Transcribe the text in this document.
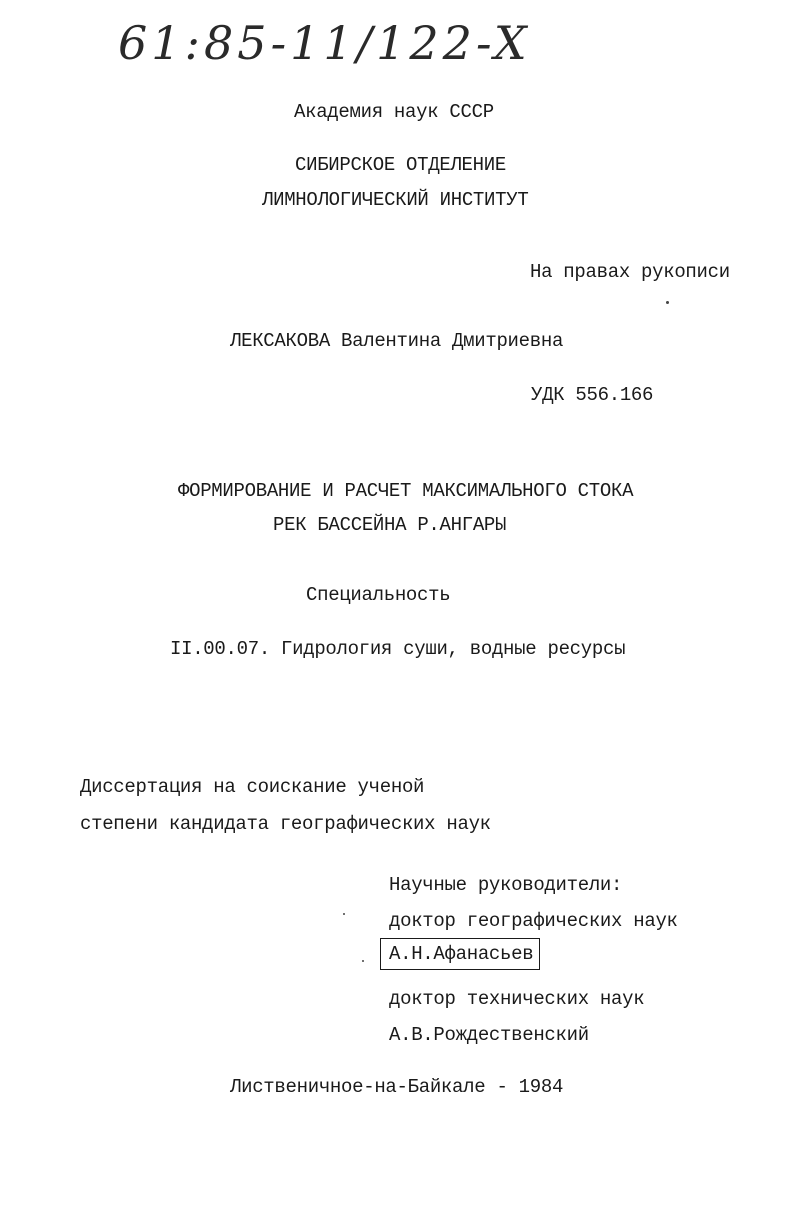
61:85-11/122-X
Академия наук СССР
СИБИРСКОЕ ОТДЕЛЕНИЕ
ЛИМНОЛОГИЧЕСКИЙ ИНСТИТУТ
На правах рукописи
ЛЕКСАКОВА Валентина Дмитриевна
УДК 556.166
ФОРМИРОВАНИЕ И РАСЧЕТ МАКСИМАЛЬНОГО СТОКА
РЕК БАССЕЙНА Р.АНГАРЫ
Специальность
II.00.07. Гидрология суши, водные ресурсы
Диссертация на соискание ученой
степени кандидата географических наук
Научные руководители:
доктор географических наук
А.Н.Афанасьев
доктор технических наук
А.В.Рождественский
Лиственичное-на-Байкале - 1984
